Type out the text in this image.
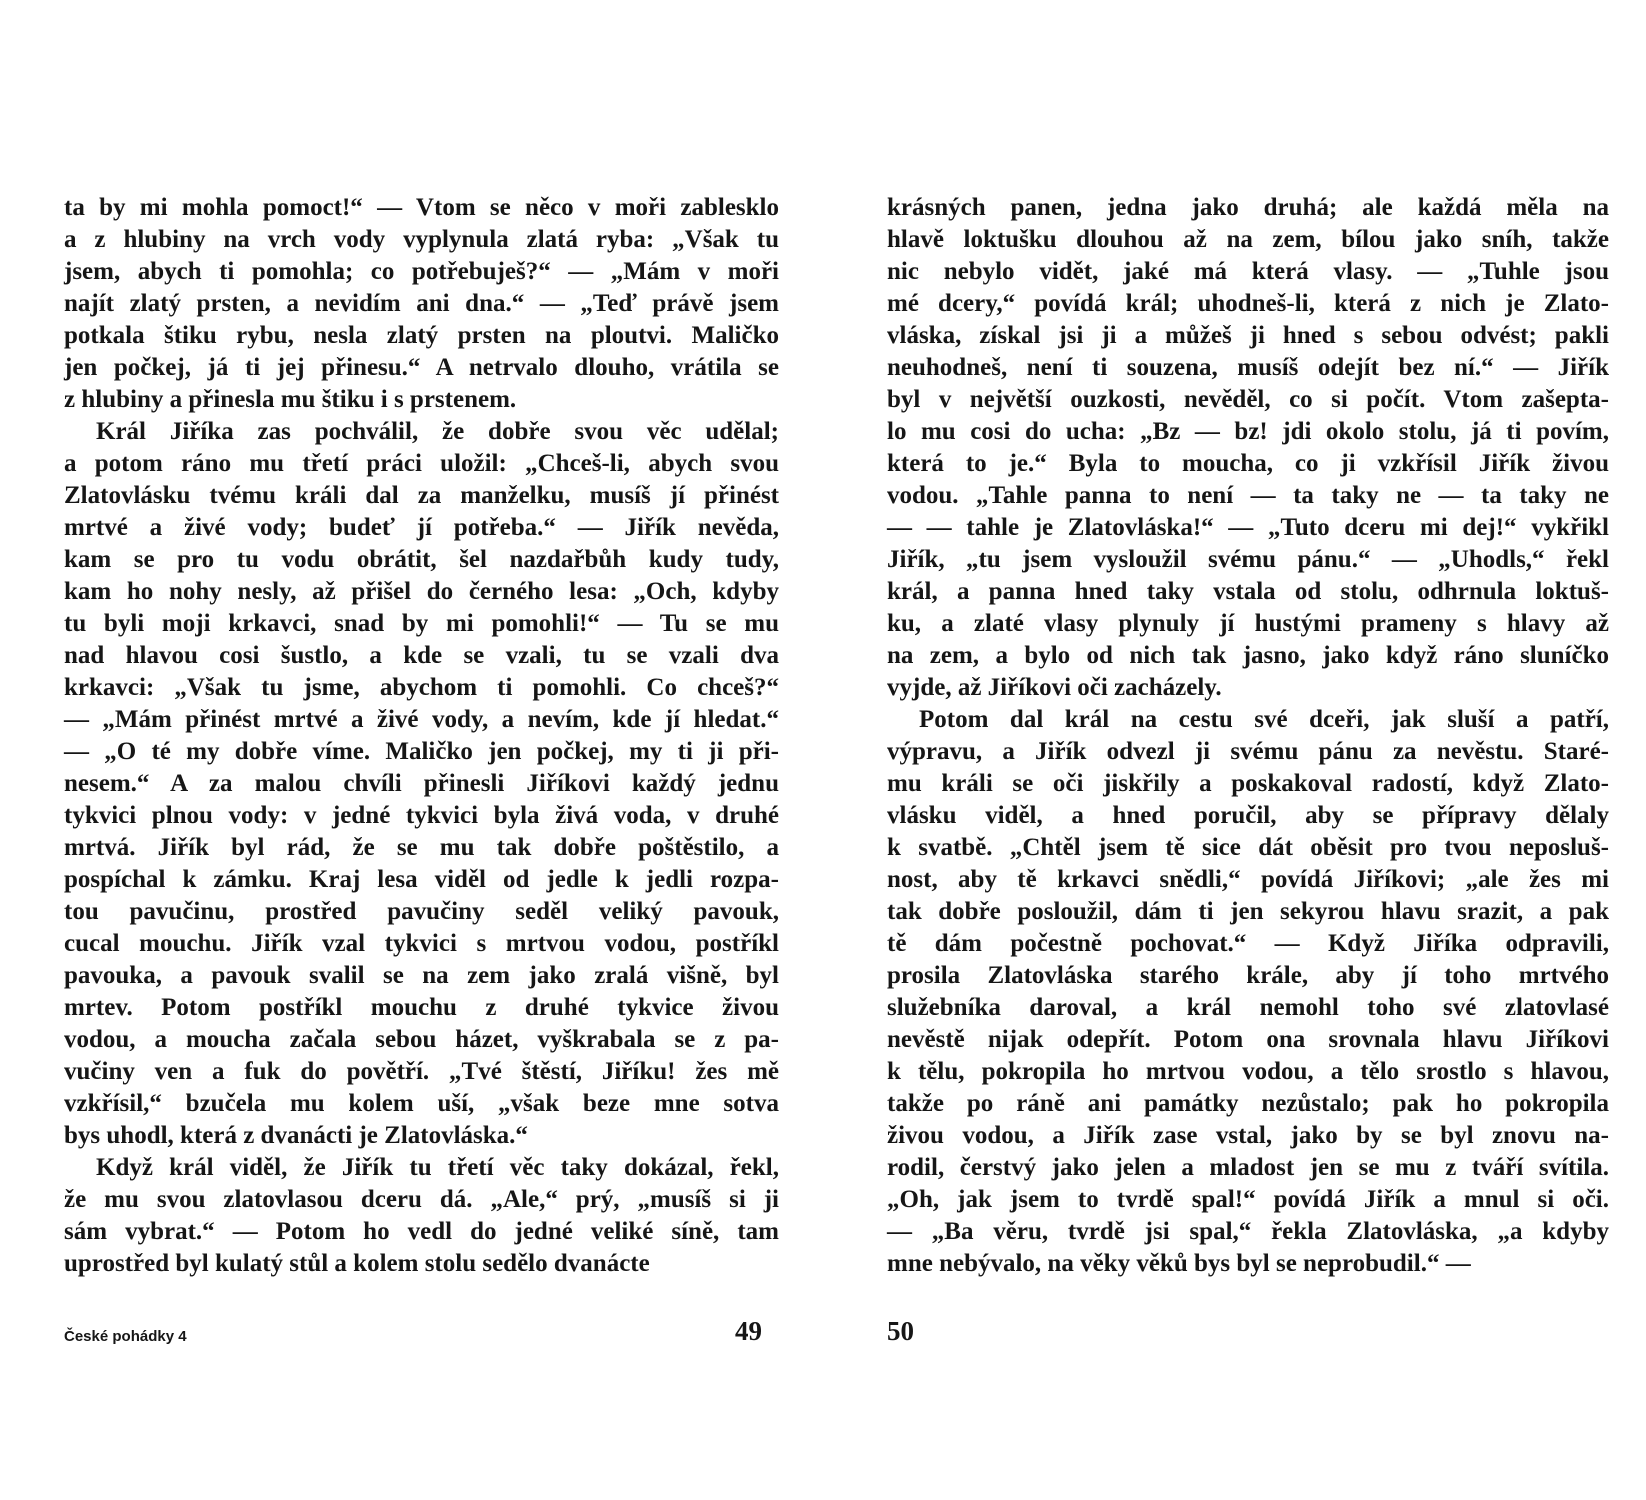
ta by mi mohla pomoct!“ — Vtom se něco v moři zablesklo
a z hlubiny na vrch vody vyplynula zlatá ryba: „Však tu
jsem, abych ti pomohla; co potřebuješ?“ — „Mám v moři
najít zlatý prsten, a nevidím ani dna.“ — „Teď právě jsem
potkala štiku rybu, nesla zlatý prsten na ploutvi. Maličko
jen počkej, já ti jej přinesu.“ A netrvalo dlouho, vrátila se
z hlubiny a přinesla mu štiku i s prstenem.
Král Jiříka zas pochválil, že dobře svou věc udělal;
a potom ráno mu třetí práci uložil: „Chceš-li, abych svou
Zlatovlásku tvému králi dal za manželku, musíš jí přinést
mrtvé a živé vody; budeť jí potřeba.“ — Jiřík nevěda,
kam se pro tu vodu obrátit, šel nazdařbůh kudy tudy,
kam ho nohy nesly, až přišel do černého lesa: „Och, kdyby
tu byli moji krkavci, snad by mi pomohli!“ — Tu se mu
nad hlavou cosi šustlo, a kde se vzali, tu se vzali dva
krkavci: „Však tu jsme, abychom ti pomohli. Co chceš?“
— „Mám přinést mrtvé a živé vody, a nevím, kde jí hledat.“
— „O té my dobře víme. Maličko jen počkej, my ti ji při-
nesem.“ A za malou chvíli přinesli Jiříkovi každý jednu
tykvici plnou vody: v jedné tykvici byla živá voda, v druhé
mrtvá. Jiřík byl rád, že se mu tak dobře poštěstilo, a
pospíchal k zámku. Kraj lesa viděl od jedle k jedli rozpa-
tou pavučinu, prostřed pavučiny seděl veliký pavouk,
cucal mouchu. Jiřík vzal tykvici s mrtvou vodou, postříkl
pavouka, a pavouk svalil se na zem jako zralá višně, byl
mrtev. Potom postříkl mouchu z druhé tykvice živou
vodou, a moucha začala sebou házet, vyškrabala se z pa-
vučiny ven a fuk do povětří. „Tvé štěstí, Jiříku! žes mě
vzkřísil,“ bzučela mu kolem uší, „však beze mne sotva
bys uhodl, která z dvanácti je Zlatovláska.“
Když král viděl, že Jiřík tu třetí věc taky dokázal, řekl,
že mu svou zlatovlasou dceru dá. „Ale,“ prý, „musíš si ji
sám vybrat.“ — Potom ho vedl do jedné veliké síně, tam
uprostřed byl kulatý stůl a kolem stolu sedělo dvanácte
České pohádky 4	49
krásných panen, jedna jako druhá; ale každá měla na
hlavě loktušku dlouhou až na zem, bílou jako sníh, takže
nic nebylo vidět, jaké má která vlasy. — „Tuhle jsou
mé dcery,“ povídá král; uhodneš-li, která z nich je Zlato-
vláska, získal jsi ji a můžeš ji hned s sebou odvést; pakli
neuhodneš, není ti souzena, musíš odejít bez ní.“ — Jiřík
byl v největší ouzkosti, nevěděl, co si počít. Vtom zašepta-
lo mu cosi do ucha: „Bz — bz! jdi okolo stolu, já ti povím,
která to je.“ Byla to moucha, co ji vzkřísil Jiřík živou
vodou. „Tahle panna to není — ta taky ne — ta taky ne
— — tahle je Zlatovláska!“ — „Tuto dceru mi dej!“ vykřikl
Jiřík, „tu jsem vysloužil svému pánu.“ — „Uhodls,“ řekl
král, a panna hned taky vstala od stolu, odhrnula loktuš-
ku, a zlaté vlasy plynuly jí hustými prameny s hlavy až
na zem, a bylo od nich tak jasno, jako když ráno sluníčko
vyjde, až Jiříkovi oči zacházely.
Potom dal král na cestu své dceři, jak sluší a patří,
výpravu, a Jiřík odvezl ji svému pánu za nevěstu. Staré-
mu králi se oči jiskřily a poskakoval radostí, když Zlato-
vlásku viděl, a hned poručil, aby se přípravy dělaly
k svatbě. „Chtěl jsem tě sice dát oběsit pro tvou neposluš-
nost, aby tě krkavci snědli,“ povídá Jiříkovi; „ale žes mi
tak dobře posloužil, dám ti jen sekyrou hlavu srazit, a pak
tě dám počestně pochovat.“ — Když Jiříka odpravili,
prosila Zlatovláska starého krále, aby jí toho mrtvého
služebníka daroval, a král nemohl toho své zlatovlasé
nevěstě nijak odepřít. Potom ona srovnala hlavu Jiříkovi
k tělu, pokropila ho mrtvou vodou, a tělo srostlo s hlavou,
takže po ráně ani památky nezůstalo; pak ho pokropila
živou vodou, a Jiřík zase vstal, jako by se byl znovu na-
rodil, čerstvý jako jelen a mladost jen se mu z tváří svítila.
„Oh, jak jsem to tvrdě spal!“ povídá Jiřík a mnul si oči.
— „Ba věru, tvrdě jsi spal,“ řekla Zlatovláska, „a kdyby
mne nebývalo, na věky věků bys byl se neprobudil.“ —
50
